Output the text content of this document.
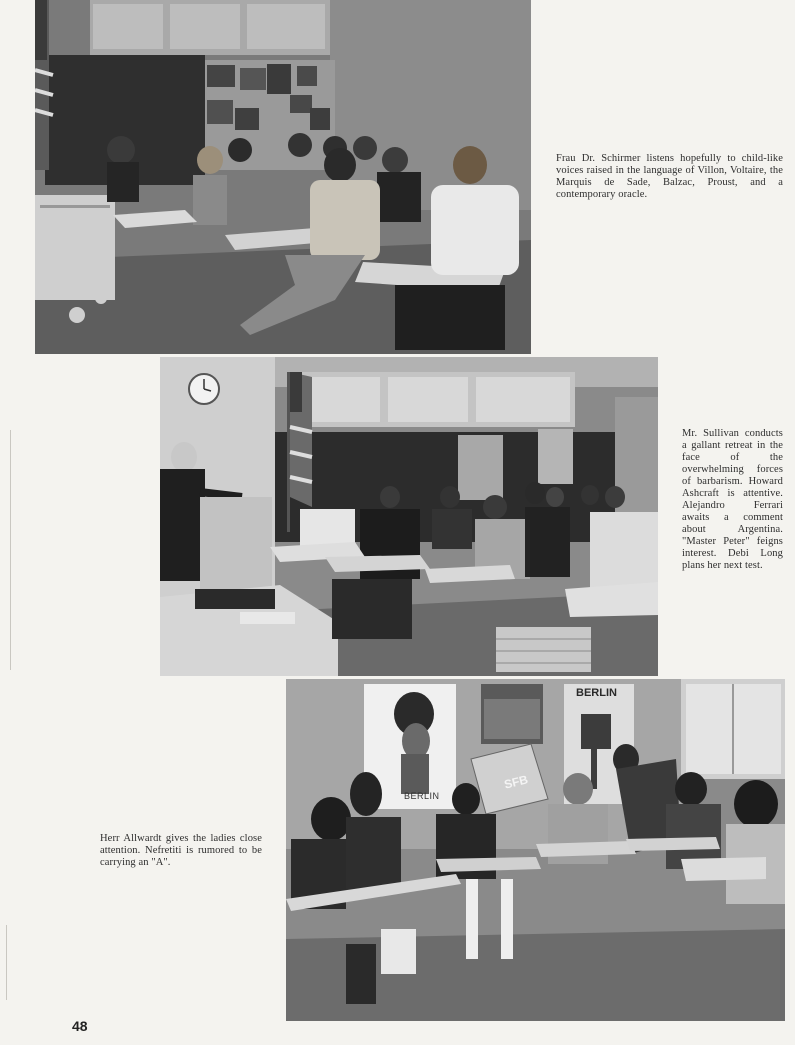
Frau Dr. Schirmer listens hopefully to child-like voices raised in the language of Villon, Voltaire, the Marquis de Sade, Balzac, Proust, and a contemporary oracle.
Mr. Sullivan conducts a gallant retreat in the face of the overwhelming forces of barbarism. Howard Ashcraft is attentive. Alejandro Ferrari awaits a comment about Argentina. "Master Peter" feigns interest. Debi Long plans her next test.
BERLIN
BERLIN
SFB
Herr Allwardt gives the ladies close attention. Nefretiti is rumored to be carrying an "A".
48
